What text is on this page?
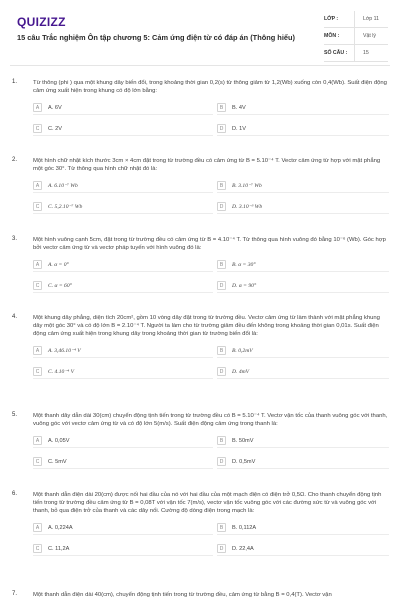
QUIZIZZ
15 câu Trắc nghiệm Ôn tập chương 5: Cảm ứng điện từ có đáp án (Thông hiểu)
LỚP :	Lớp 11
MÔN :	Vật lý
SỐ CÂU :	15
1.	Từ thông (phi ) qua một khung dây biến đổi, trong khoảng thời gian 0,2(s) từ thông giảm từ 1,2(Wb) xuống còn 0,4(Wb). Suất điện động cảm ứng xuất hiện trong khung có độ lớn bằng:
A	A. 6V	B	B. 4V
C	C. 2V	D	D. 1V
2.	Một hình chữ nhật kích thước 3cm × 4cm đặt trong từ trường đều có cảm ứng từ B = 5.10⁻⁴ T. Vectơ cảm ứng từ hợp với mặt phẳng một góc 30°. Từ thông qua hình chữ nhật đó là:
A	A. 6.10⁻⁷ Wb	B	B. 3.10⁻⁷ Wb
C	C. 5,2.10⁻⁷ Wb	D	D. 3.10⁻³ Wb
3.	Một hình vuông cạnh 5cm, đặt trong từ trường đều có cảm ứng từ B = 4.10⁻⁴ T. Từ thông qua hình vuông đó bằng 10⁻⁶ (Wb). Góc hợp bởi vectơ cảm ứng từ và vectơ pháp tuyến với hình vuông đó là:
A	A. α = 0°	B	B. α = 30°
C	C. α = 60°	D	D. α = 90°
4.	Một khung dây phẳng, diện tích 20cm², gồm 10 vòng dây đặt trong từ trường đều. Vectơ cảm ứng từ làm thành với mặt phẳng khung dây một góc 30° và có độ lớn B = 2.10⁻⁴ T. Người ta làm cho từ trường giảm đều đến không trong khoảng thời gian 0,01s. Suất điện động cảm ứng xuất hiện trong khung dây trong khoảng thời gian từ trường biến đổi là:
A	A. 3,46.10⁻⁴ V	B	B. 0,2mV
C	C. 4.10⁻⁴ V	D	D. 4mV
5.	Một thanh dây dẫn dài 30(cm) chuyển động tịnh tiến trong từ trường đều có B = 5.10⁻⁴ T. Vectơ vận tốc của thanh vuông góc với thanh, vuông góc với vectơ cảm ứng từ và có độ lớn 5(m/s). Suất điện động cảm ứng trong thanh là:
A	A. 0,05V	B	B. 50mV
C	C. 5mV	D	D. 0,5mV
6.	Một thanh dẫn điện dài 20(cm) được nối hai đầu của nó với hai đầu của một mạch điện có điện trở 0,5Ω. Cho thanh chuyển động tịnh tiến trong từ trường đều cảm ứng từ B = 0,08T với vận tốc 7(m/s), vectơ vận tốc vuông góc với các đường sức từ và vuông góc với thanh, bỏ qua điện trở của thanh và các dây nối. Cường độ dòng điện trong mạch là:
A	A. 0,224A	B	B. 0,112A
C	C. 11,2A	D	D. 22,4A
7.	Một thanh dẫn điện dài 40(cm), chuyển động tịnh tiến trong từ trường đều, cảm ứng từ bằng B = 0,4(T). Vectơ vận
